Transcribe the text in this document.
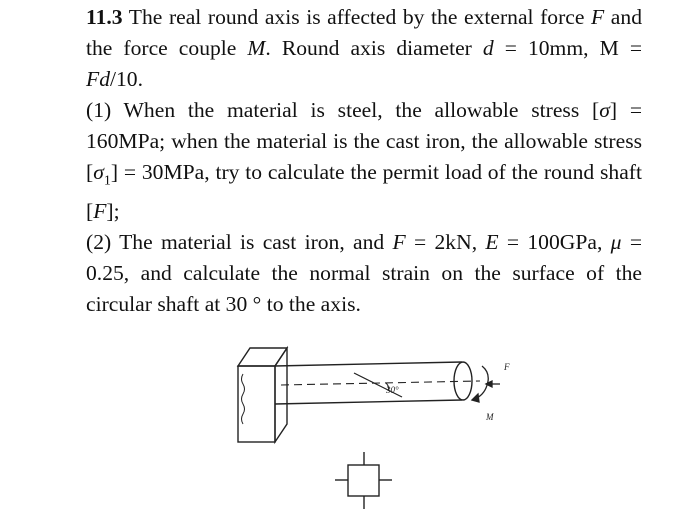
11.3 The real round axis is affected by the external force F and the force couple M. Round axis diameter d = 10mm, M = Fd/10.

(1) When the material is steel, the allowable stress [σ] = 160MPa; when the material is the cast iron, the allowable stress $[\sigma_1] = 30MPa$, try to calculate the permit load of the round shaft [F];

(2) The material is cast iron, and F = 2kN, E = 100GPa, μ = 0.25, and calculate the normal strain on the surface of the circular shaft at 30 ° to the axis.

30°
F
M
